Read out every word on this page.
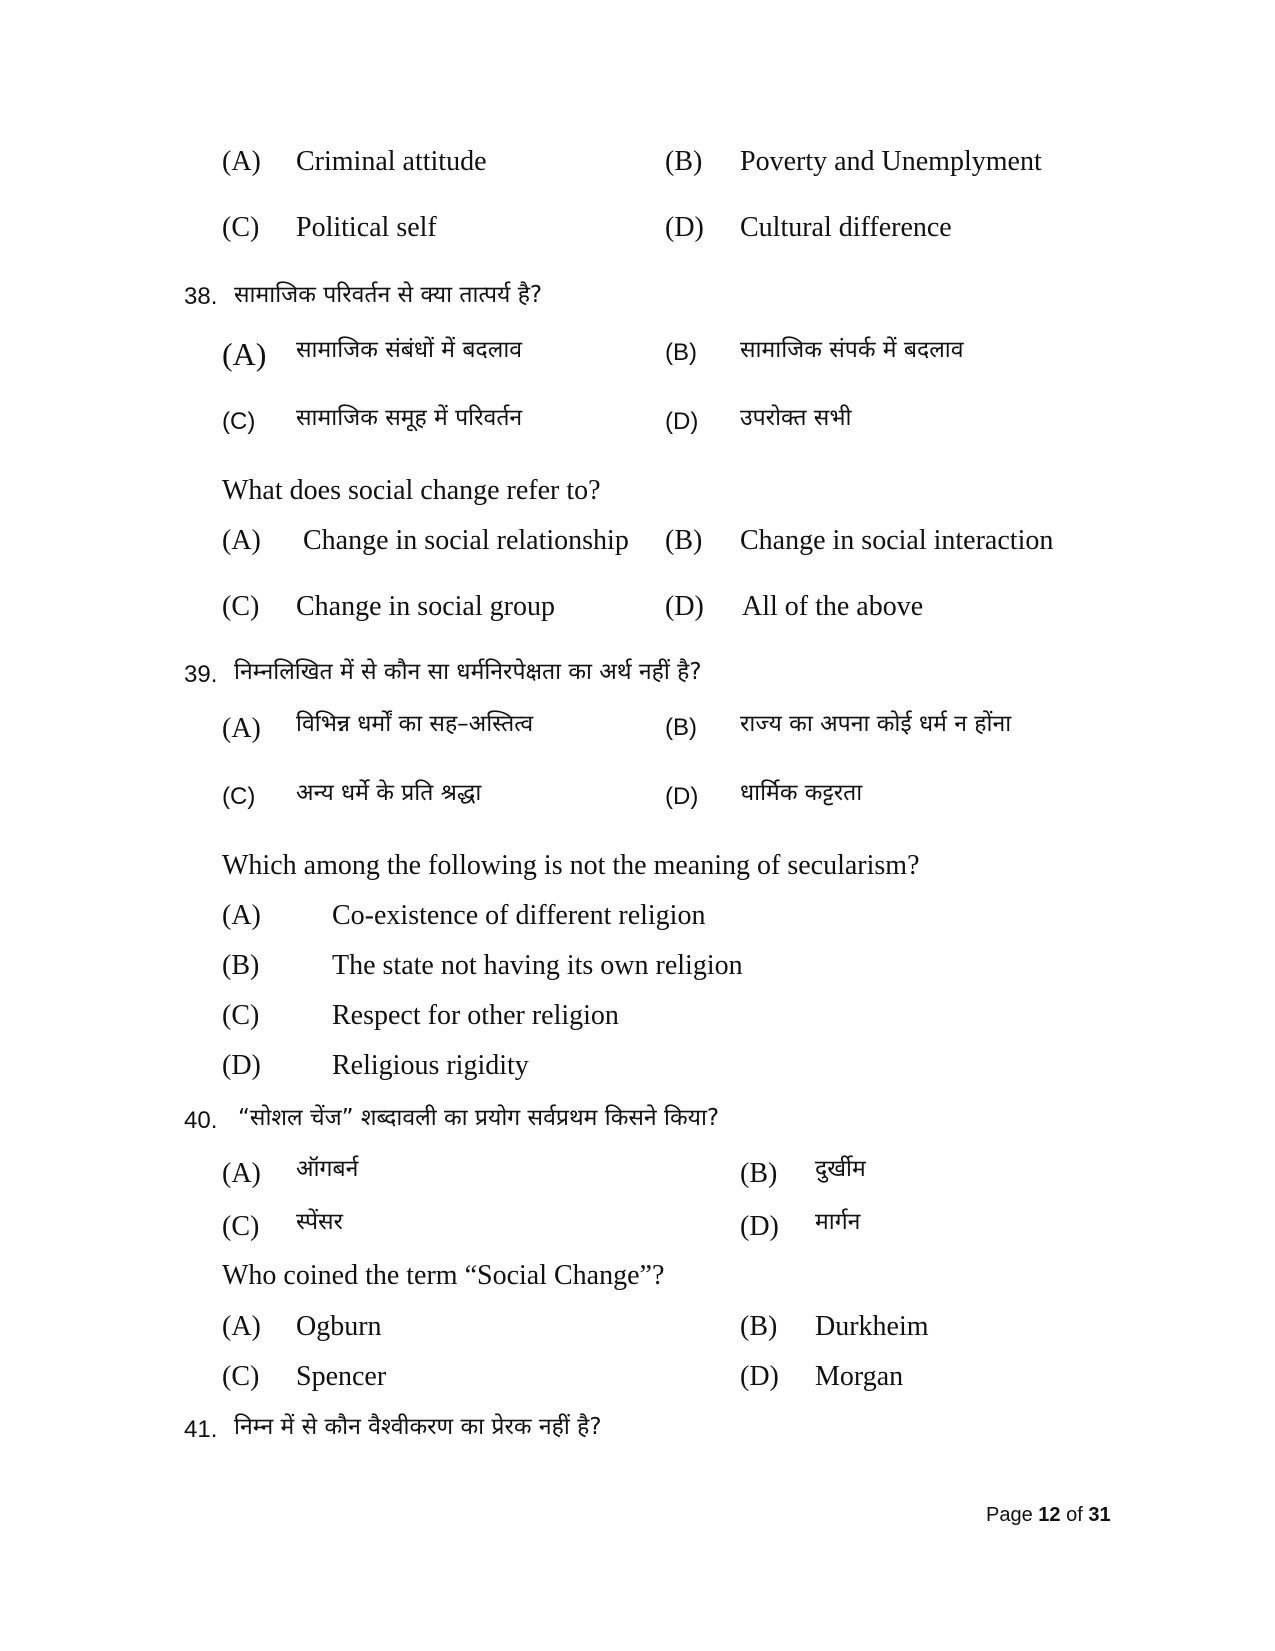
(A) Criminal attitude	(B) Poverty and Unemplyment
(C) Political self	(D) Cultural difference
38. सामाजिक परिवर्तन से क्या तात्पर्य है?
(A) सामाजिक संबंधों में बदलाव	(B) सामाजिक संपर्क में बदलाव
(C) सामाजिक समूह में परिवर्तन	(D) उपरोक्त सभी
What does social change refer to?
(A) Change in social relationship (B) Change in social interaction
(C) Change in social group	(D) All of the above
39. निम्नलिखित में से कौन सा धर्मनिरपेक्षता का अर्थ नहीं है?
(A) विभिन्न धर्मों का सह–अस्तित्व	(B) राज्य का अपना कोई धर्म न होंना
(C) अन्य धर्मे के प्रति श्रद्धा	(D) धार्मिक कट्टरता
Which among the following is not the meaning of secularism?
(A)	Co-existence of different religion
(B)	The state not having its own religion
(C)	Respect for other religion
(D)	Religious rigidity
40. “सोशल चेंज” शब्दावली का प्रयोग सर्वप्रथम किसने किया?
(A) ऑगबर्न	(B) दुर्खीम
(C) स्पेंसर	(D) मार्गन
Who coined the term “Social Change”?
(A) Ogburn	(B) Durkheim
(C) Spencer	(D) Morgan
41. निम्न में से कौन वैश्वीकरण का प्रेरक नहीं है?
Page 12 of 31
